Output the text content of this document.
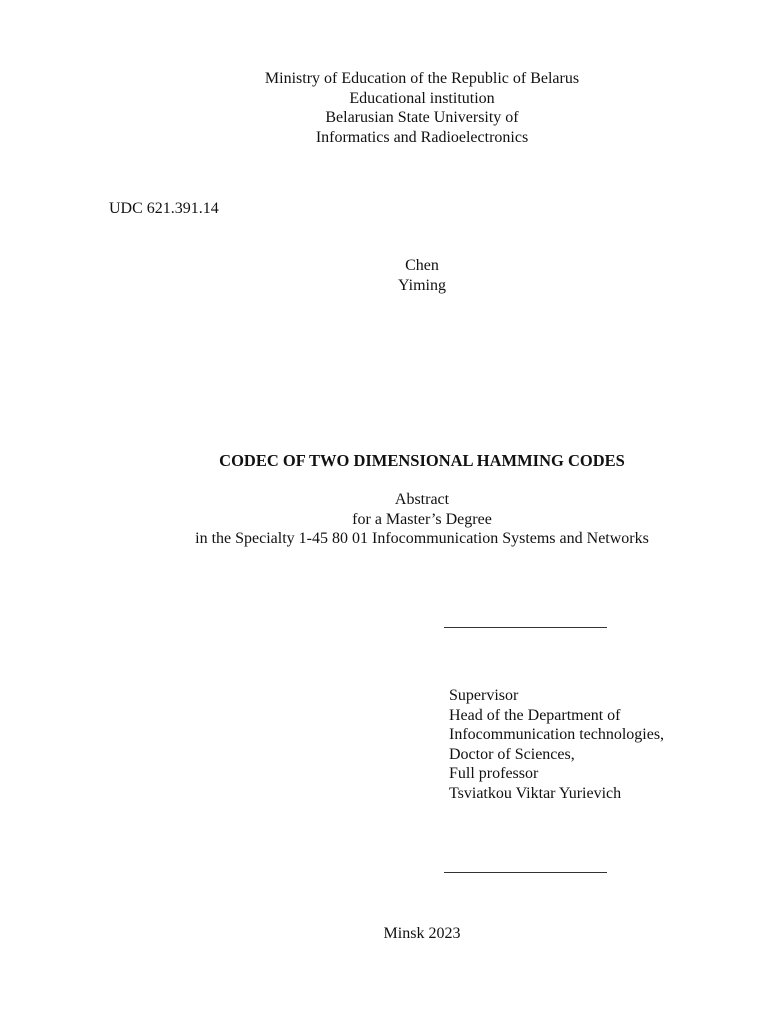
Ministry of Education of the Republic of Belarus
Educational institution
Belarusian State University of
Informatics and Radioelectronics
UDC 621.391.14
Chen
Yiming
CODEC OF TWO DIMENSIONAL HAMMING CODES
Abstract
for a Master’s Degree
in the Specialty 1-45 80 01 Infocommunication Systems and Networks
Supervisor
Head of the Department of
Infocommunication technologies,
Doctor of Sciences,
Full professor
Tsviatkou Viktar Yurievich
Minsk 2023
